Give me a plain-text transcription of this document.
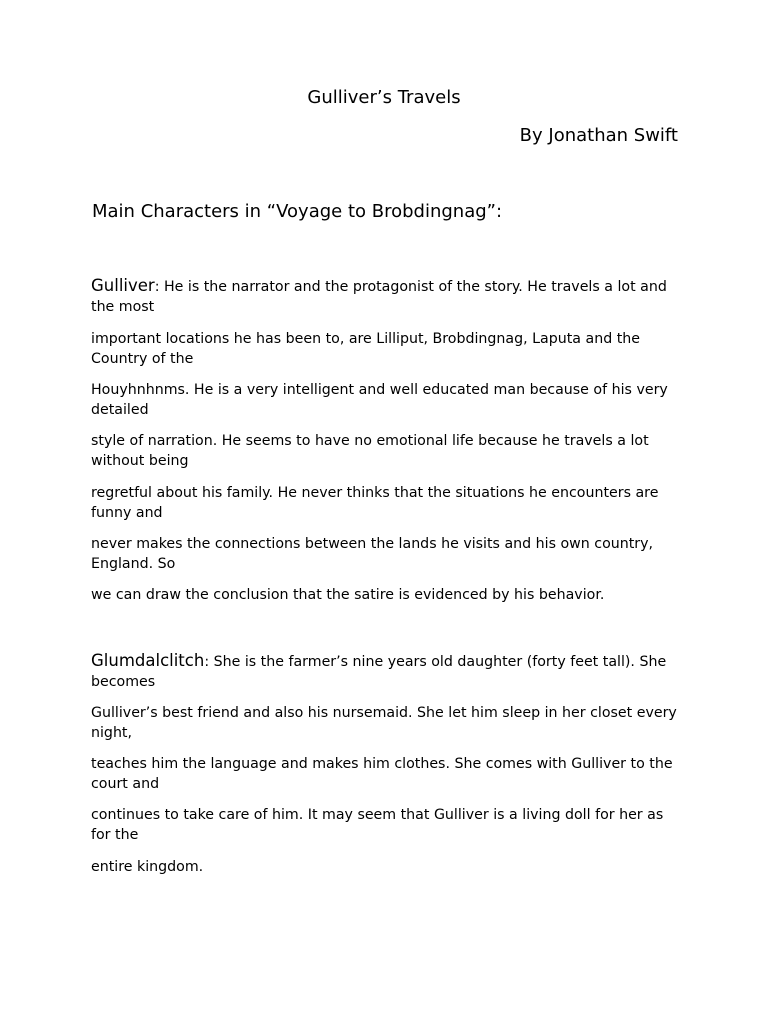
Gulliver’s Travels
By Jonathan Swift
Main Characters in “Voyage to Brobdingnag”:

Gulliver: He is the narrator and the protagonist of the story. He travels a lot and the most

important locations he has been to, are Lilliput, Brobdingnag, Laputa and the Country of the

Houyhnhnms. He is a very intelligent and well educated man because of his very detailed

style of narration. He seems to have no emotional life because he travels a lot without being

regretful about his family. He never thinks that the situations he encounters are funny and

never makes the connections between the lands he visits and his own country, England. So

we can draw the conclusion that the satire is evidenced by his behavior.

Glumdalclitch: She is the farmer’s nine years old daughter (forty feet tall). She becomes

Gulliver’s best friend and also his nursemaid. She let him sleep in her closet every night,

teaches him the language and makes him clothes. She comes with Gulliver to the court and

continues to take care of him. It may seem that Gulliver is a living doll for her as for the

entire kingdom.
